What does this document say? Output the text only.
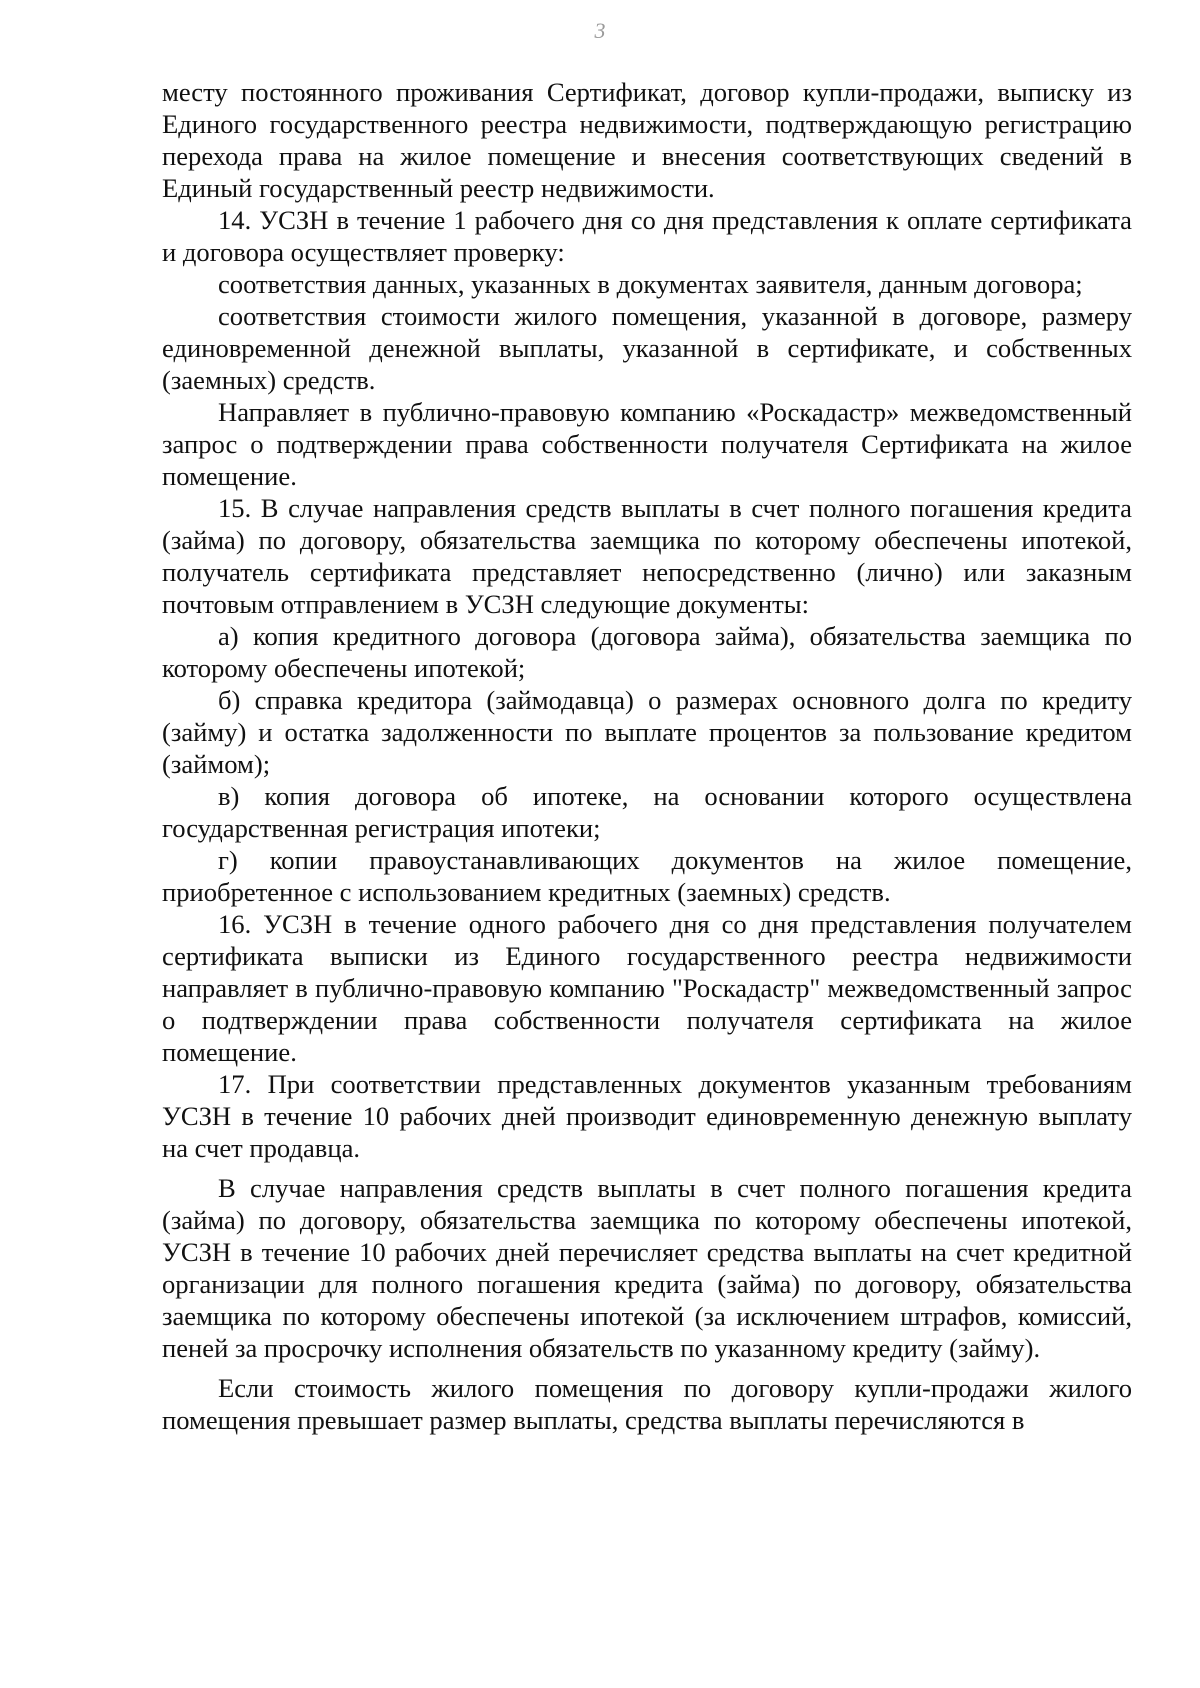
3

месту постоянного проживания Сертификат, договор купли-продажи, выписку из Единого государственного реестра недвижимости, подтверждающую регистрацию перехода права на жилое помещение и внесения соответствующих сведений в Единый государственный реестр недвижимости.

14. УСЗН в течение 1 рабочего дня со дня представления к оплате сертификата и договора осуществляет проверку:

соответствия данных, указанных в документах заявителя, данным договора;

соответствия стоимости жилого помещения, указанной в договоре, размеру единовременной денежной выплаты, указанной в сертификате, и собственных (заемных) средств.

Направляет в публично-правовую компанию «Роскадастр» межведомственный запрос о подтверждении права собственности получателя Сертификата на жилое помещение.

15. В случае направления средств выплаты в счет полного погашения кредита (займа) по договору, обязательства заемщика по которому обеспечены ипотекой, получатель сертификата представляет непосредственно (лично) или заказным почтовым отправлением в УСЗН следующие документы:

а) копия кредитного договора (договора займа), обязательства заемщика по которому обеспечены ипотекой;

б) справка кредитора (займодавца) о размерах основного долга по кредиту (займу) и остатка задолженности по выплате процентов за пользование кредитом (займом);

в) копия договора об ипотеке, на основании которого осуществлена государственная регистрация ипотеки;

г) копии правоустанавливающих документов на жилое помещение, приобретенное с использованием кредитных (заемных) средств.

16. УСЗН в течение одного рабочего дня со дня представления получателем сертификата выписки из Единого государственного реестра недвижимости направляет в публично-правовую компанию "Роскадастр" межведомственный запрос о подтверждении права собственности получателя сертификата на жилое помещение.

17. При соответствии представленных документов указанным требованиям УСЗН в течение 10 рабочих дней производит единовременную денежную выплату на счет продавца.

В случае направления средств выплаты в счет полного погашения кредита (займа) по договору, обязательства заемщика по которому обеспечены ипотекой, УСЗН в течение 10 рабочих дней перечисляет средства выплаты на счет кредитной организации для полного погашения кредита (займа) по договору, обязательства заемщика по которому обеспечены ипотекой (за исключением штрафов, комиссий, пеней за просрочку исполнения обязательств по указанному кредиту (займу).

Если стоимость жилого помещения по договору купли-продажи жилого помещения превышает размер выплаты, средства выплаты перечисляются в
